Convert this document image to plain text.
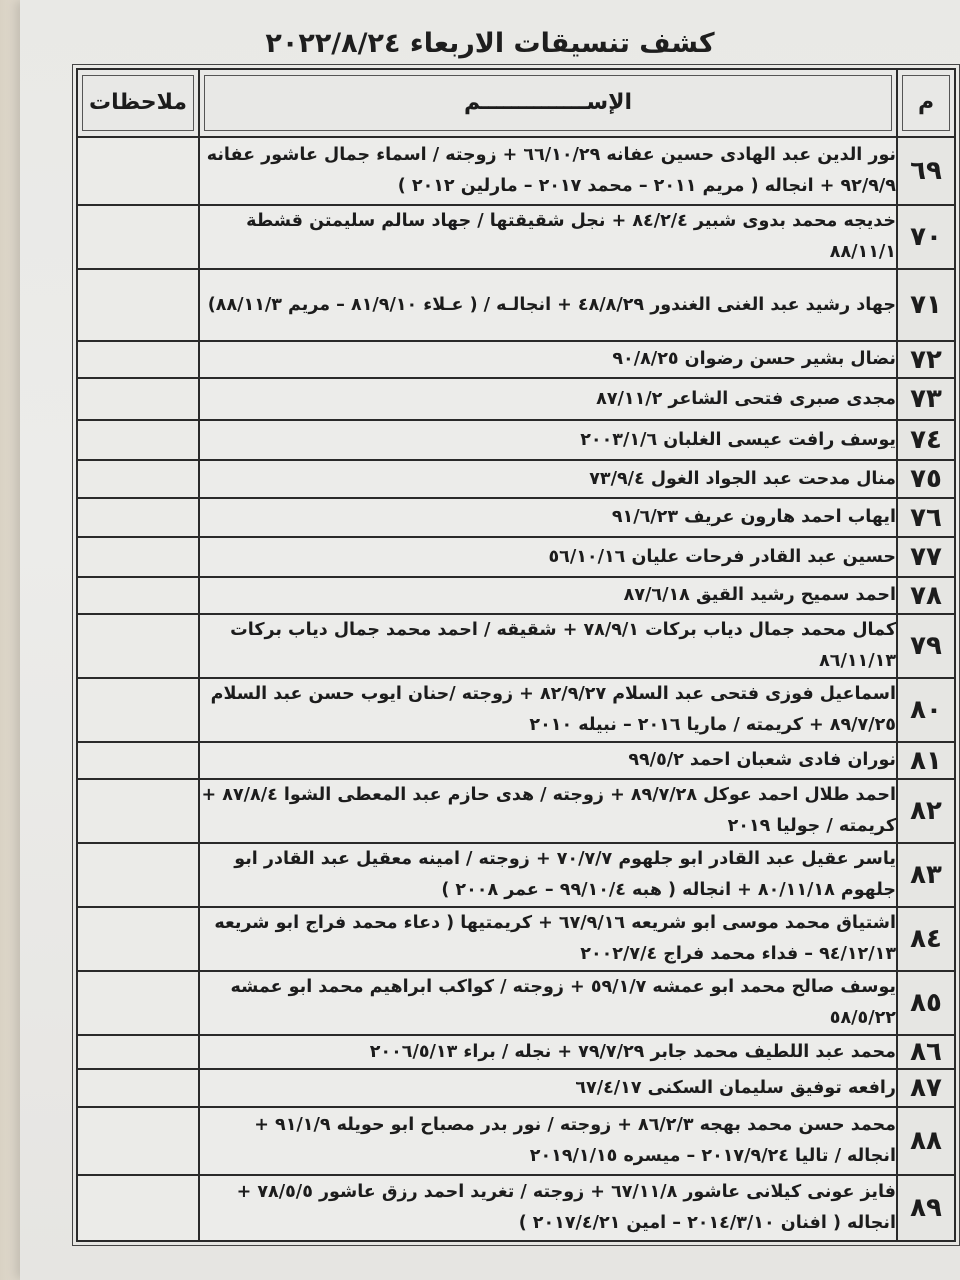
كشف تنسيقات الاربعاء ٢٠٢٢/٨/٢٤
م	الإســــــــــــــم	ملاحظات

٦٩	نور الدين عبد الهادى حسين عفانه ٦٦/١٠/٢٩ + زوجته / اسماء جمال عاشور عفانه ٩٢/٩/٩ + انجاله ( مريم ٢٠١١ – محمد ٢٠١٧ – مارلين ٢٠١٢ )	
٧٠	خديجه محمد بدوى شبير ٨٤/٢/٤ + نجل شقيقتها / جهاد سالم سليمتن قشطة ٨٨/١١/١	
٧١	جهاد رشيد عبد الغنى الغندور ٤٨/٨/٢٩ + انجالـه / ( عـلاء ٨١/٩/١٠ – مريم ٨٨/١١/٣)	
٧٢	نضال بشير حسن رضوان ٩٠/٨/٢٥	
٧٣	مجدى صبرى فتحى الشاعر ٨٧/١١/٢	
٧٤	يوسف رافت عيسى الغلبان ٢٠٠٣/١/٦	
٧٥	منال مدحت عبد الجواد الغول ٧٣/٩/٤	
٧٦	ايهاب احمد هارون عريف ٩١/٦/٢٣	
٧٧	حسين عبد القادر فرحات عليان ٥٦/١٠/١٦	
٧٨	احمد سميح رشيد القيق ٨٧/٦/١٨	
٧٩	كمال محمد جمال دياب بركات ٧٨/٩/١ + شقيقه / احمد محمد جمال دياب بركات ٨٦/١١/١٣	
٨٠	اسماعيل فوزى فتحى عبد السلام ٨٢/٩/٢٧ + زوجته /حنان ايوب حسن عبد السلام ٨٩/٧/٢٥ + كريمته / ماريا ٢٠١٦ – نبيله ٢٠١٠	
٨١	نوران فادى شعبان احمد ٩٩/٥/٢	
٨٢	احمد طلال احمد عوكل ٨٩/٧/٢٨ + زوجته / هدى حازم عبد المعطى الشوا ٨٧/٨/٤ + كريمته / جوليا ٢٠١٩	
٨٣	ياسر عقيل عبد القادر ابو جلهوم ٧٠/٧/٧ + زوجته / امينه معقيل عبد القادر ابو جلهوم ٨٠/١١/١٨ + انجاله ( هبه ٩٩/١٠/٤ – عمر ٢٠٠٨ )	
٨٤	اشتياق محمد موسى ابو شريعه ٦٧/٩/١٦ + كريمتيها ( دعاء محمد فراج ابو شريعه ٩٤/١٢/١٣ – فداء محمد فراج ٢٠٠٢/٧/٤	
٨٥	يوسف صالح محمد ابو عمشه ٥٩/١/٧ + زوجته / كواكب ابراهيم محمد ابو عمشه ٥٨/٥/٢٢	
٨٦	محمد عبد اللطيف محمد جابر ٧٩/٧/٢٩ + نجله / براء ٢٠٠٦/٥/١٣	
٨٧	رافعه توفيق سليمان السكنى ٦٧/٤/١٧	
٨٨	محمد حسن محمد بهجه ٨٦/٢/٣ + زوجته / نور بدر مصباح ابو حويله ٩١/١/٩ + انجاله / تاليا ٢٠١٧/٩/٢٤ – ميسره ٢٠١٩/١/١٥	
٨٩	فايز عونى كيلانى عاشور ٦٧/١١/٨ + زوجته / تغريد احمد رزق عاشور ٧٨/٥/٥ + انجاله ( افنان ٢٠١٤/٣/١٠ – امين ٢٠١٧/٤/٢١ )	
